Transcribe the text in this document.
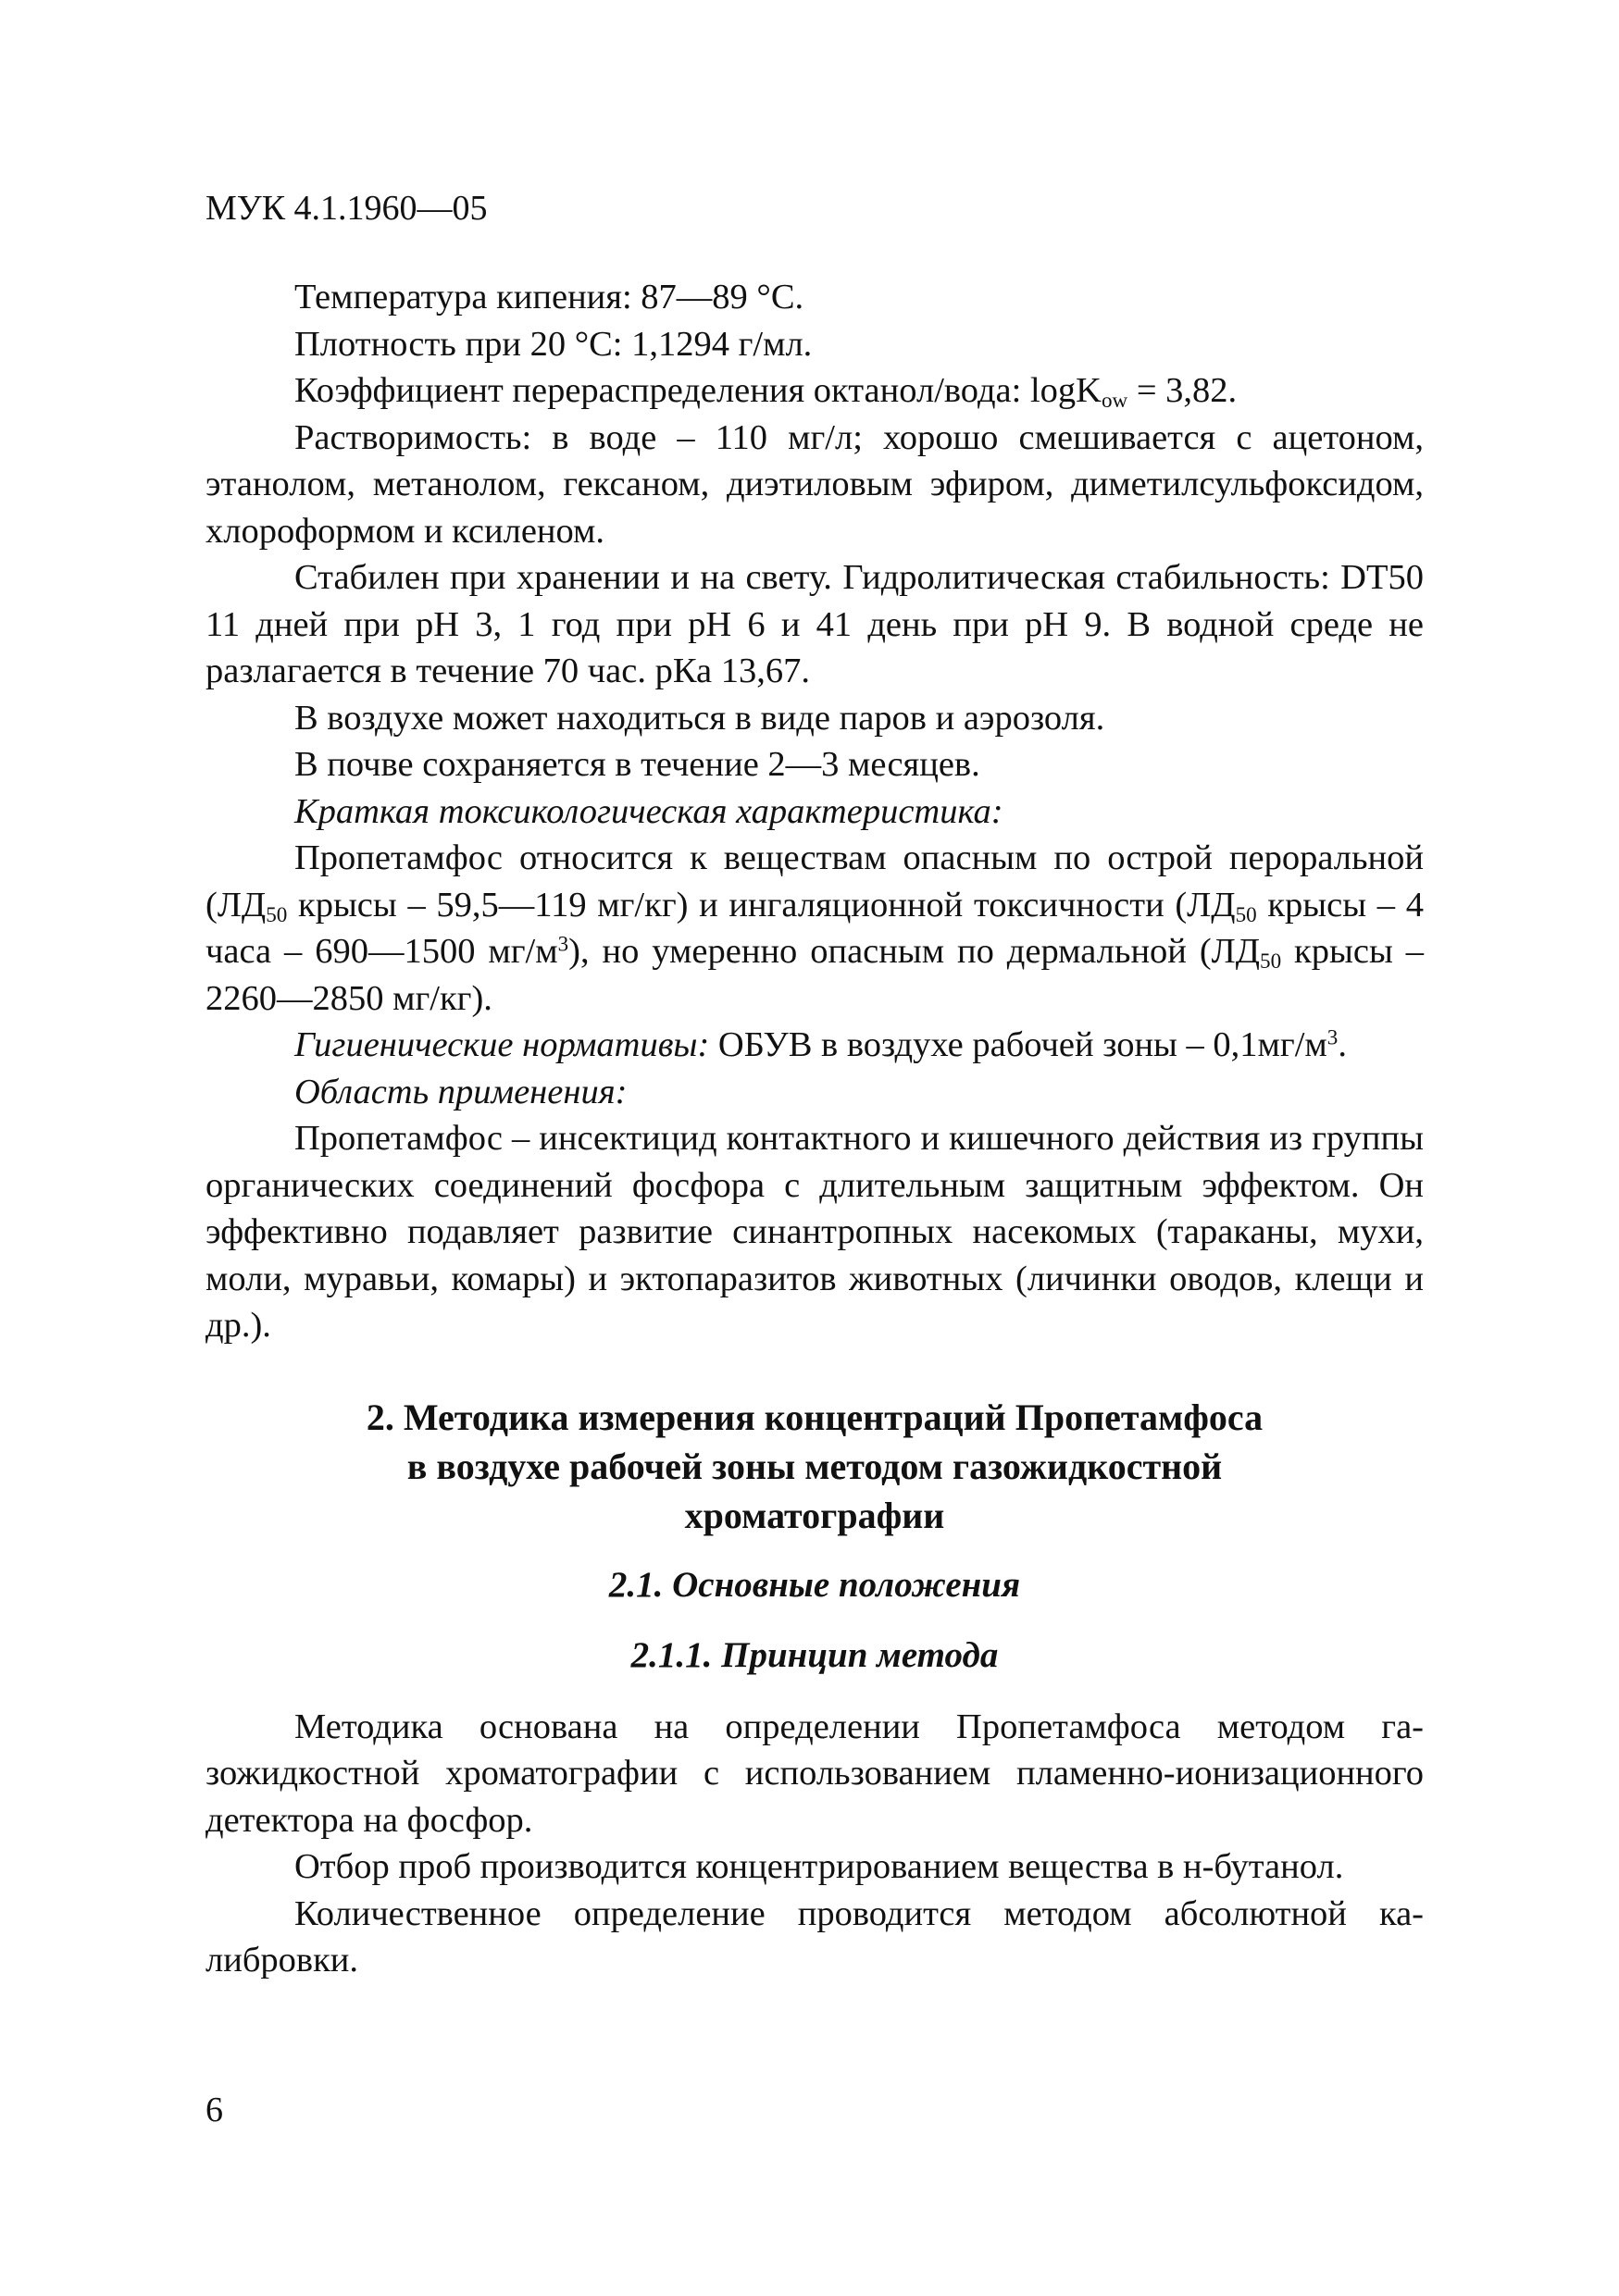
МУК 4.1.1960—05

Температура кипения: 87—89 °С.

Плотность при 20 °С: 1,1294 г/мл.

Коэффициент перераспределения октанол/вода: logK$_{ow}$ = 3,82.

Растворимость: в воде – 110 мг/л; хорошо смешивается с ацетоном, этанолом, метанолом, гексаном, диэтиловым эфиром, диметилсульфоксидом, хлороформом и ксиленом.

Стабилен при хранении и на свету. Гидролитическая стабильность: DT50 11 дней при рН 3, 1 год при рН 6 и 41 день при рН 9. В водной среде не разлагается в течение 70 час. рКа 13,67.

В воздухе может находиться в виде паров и аэрозоля.

В почве сохраняется в течение 2—3 месяцев.

Краткая токсикологическая характеристика:

Пропетамфос относится к веществам опасным по острой пероральной ($ЛД_{50}$ крысы – 59,5—119 мг/кг) и ингаляционной токсичности ($ЛД_{50}$ крысы – 4 часа – 690—1500 $мг/м^3$), но умеренно опасным по дермальной ($ЛД_{50}$ крысы – 2260—2850 мг/кг).

Гигиенические нормативы: ОБУВ в воздухе рабочей зоны – $0,1мг/м^3$.

Область применения:

Пропетамфос – инсектицид контактного и кишечного действия из группы органических соединений фосфора с длительным защитным эффектом. Он эффективно подавляет развитие синантропных насекомых (тараканы, мухи, моли, муравьи, комары) и эктопаразитов животных (личинки оводов, клещи и др.).

2. Методика измерения концентраций Пропетамфоса
в воздухе рабочей зоны методом газожидкостной
хроматографии
2.1. Основные положения
2.1.1. Принцип метода

Методика основана на определении Пропетамфоса методом газожидкостной хроматографии с использованием пламенно-ионизационного детектора на фосфор.

Отбор проб производится концентрированием вещества в н-бутанол.

Количественное определение проводится методом абсолютной калибровки.

6
